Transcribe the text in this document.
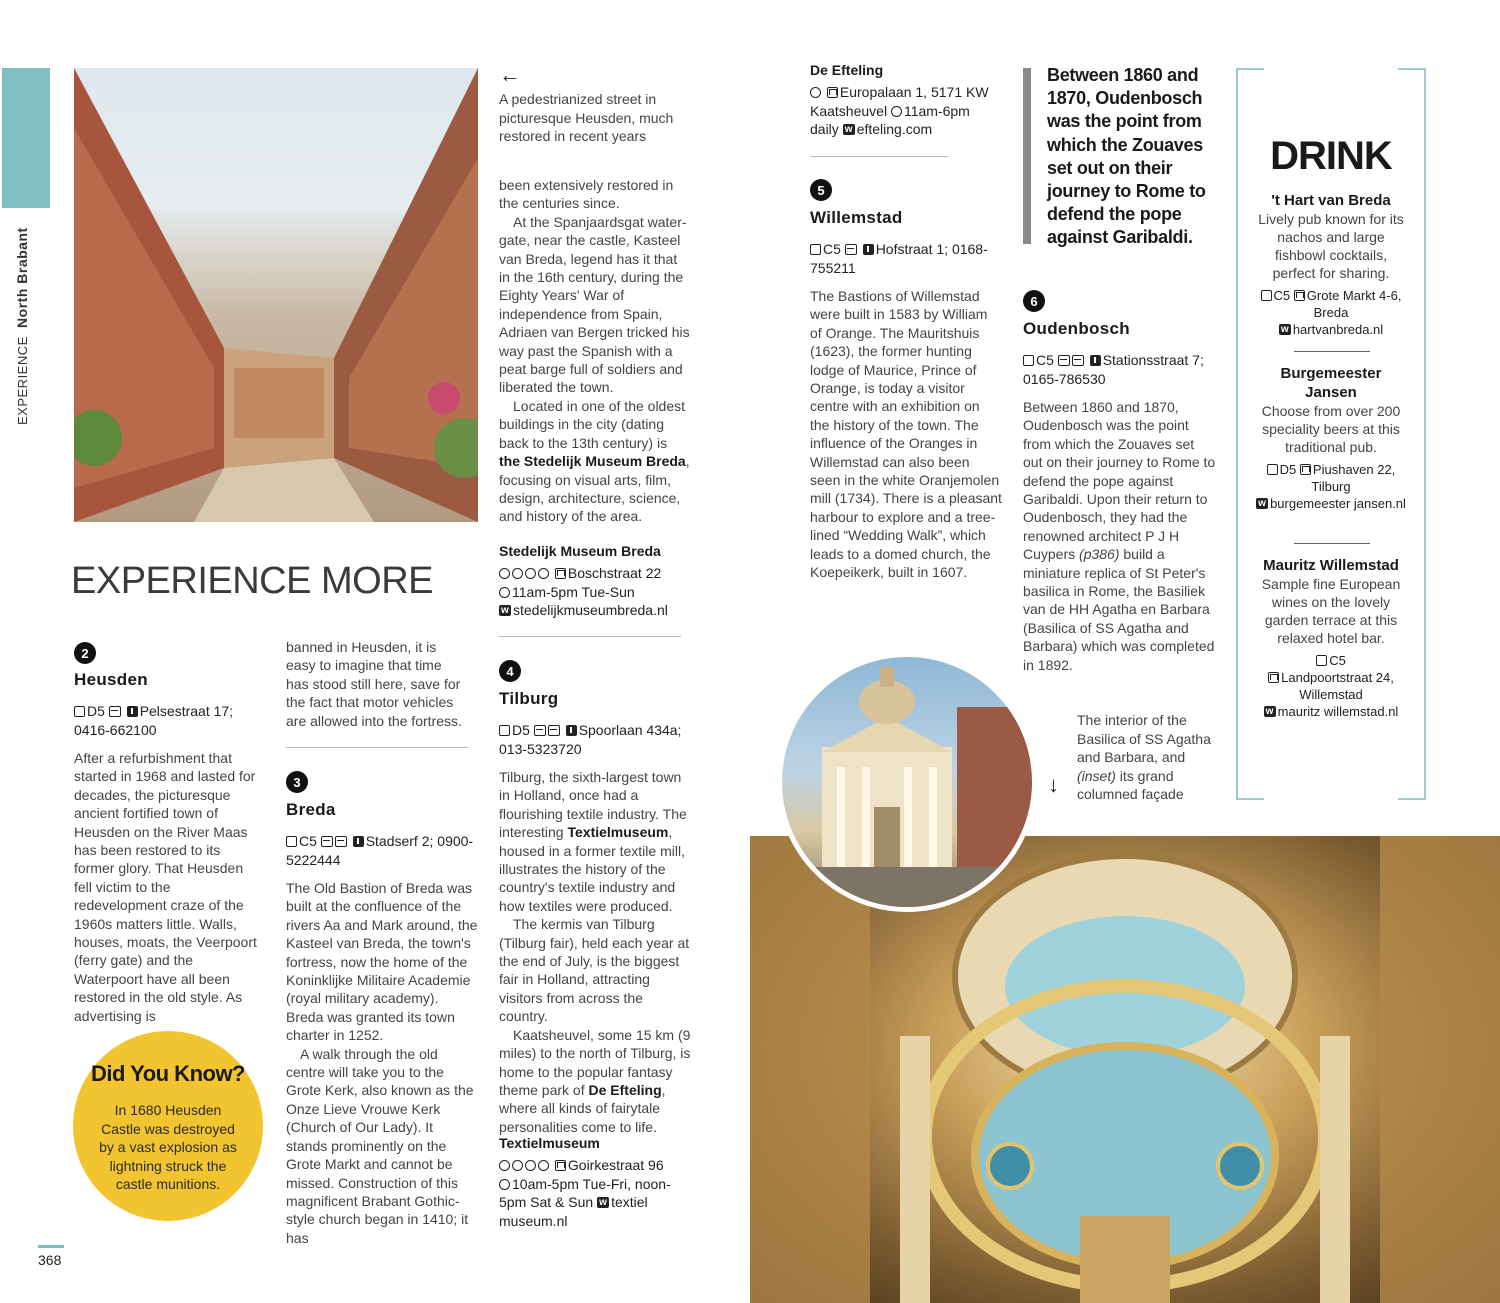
EXPERIENCE  North Brabant
←
A pedestrianized street in picturesque Heusden, much restored in recent years
EXPERIENCE MORE
2
Heusden
D5 Pelsestraat 17; 0416-662100
After a refurbishment that started in 1968 and lasted for decades, the picturesque ancient fortified town of Heusden on the River Maas has been restored to its former glory. That Heusden fell victim to the redevelopment craze of the 1960s matters little. Walls, houses, moats, the Veerpoort (ferry gate) and the Waterpoort have all been restored in the old style. As advertising is
banned in Heusden, it is easy to imagine that time has stood still here, save for the fact that motor vehicles are allowed into the fortress.
Did You Know?
In 1680 Heusden Castle was destroyed by a vast explosion as lightning struck the castle munitions.
3
Breda
C5	Stadserf 2; 0900-5222444

The Old Bastion of Breda was built at the confluence of the rivers Aa and Mark around, the Kasteel van Breda, the town's fortress, now the home of the Koninklijke Militaire Academie (royal military academy). Breda was granted its town charter in 1252.

A walk through the old centre will take you to the Grote Kerk, also known as the Onze Lieve Vrouwe Kerk (Church of Our Lady). It stands prominently on the Grote Markt and cannot be missed. Construction of this magnificent Brabant Gothic-style church began in 1410; it has

been extensively restored in the centuries since.

At the Spanjaardsgat water-gate, near the castle, Kasteel van Breda, legend has it that in the 16th century, during the Eighty Years' War of independence from Spain, Adriaen van Bergen tricked his way past the Spanish with a peat barge full of soldiers and liberated the town.

Located in one of the oldest buildings in the city (dating back to the 13th century) is the Stedelijk Museum Breda, focusing on visual arts, film, design, architecture, science, and history of the area.

Stedelijk Museum Breda
Boschstraat 22
11am-5pm Tue-Sun
wstedelijkmuseumbreda.nl
4
Tilburg
D5	Spoorlaan 434a; 013-5323720

Tilburg, the sixth-largest town in Holland, once had a flourishing textile industry. The interesting Textielmuseum, housed in a former textile mill, illustrates the history of the country's textile industry and how textiles were produced.

The kermis van Tilburg (Tilburg fair), held each year at the end of July, is the biggest fair in Holland, attracting visitors from across the country.

Kaatsheuvel, some 15 km (9 miles) to the north of Tilburg, is home to the popular fantasy theme park of De Efteling, where all kinds of fairytale personalities come to life.

Textielmuseum
Goirkestraat 96
10am-5pm Tue-Fri, noon-5pm Sat & Sun w textiel museum.nl
De Efteling
Europalaan 1, 5171 KW Kaatsheuvel 11am-6pm daily w efteling.com
5
Willemstad
C5 Hofstraat 1; 0168-755211
The Bastions of Willemstad were built in 1583 by William of Orange. The Mauritshuis (1623), the former hunting lodge of Maurice, Prince of Orange, is today a visitor centre with an exhibition on the history of the town. The influence of the Oranges in Willemstad can also been seen in the white Oranjemolen mill (1734). There is a pleasant harbour to explore and a tree-lined “Wedding Walk”, which leads to a domed church, the Koepeikerk, built in 1607.
Between 1860 and 1870, Oudenbosch was the point from which the Zouaves set out on their journey to Rome to defend the pope against Garibaldi.
6
Oudenbosch
C5	Stationsstraat 7; 0165-786530
Between 1860 and 1870, Oudenbosch was the point from which the Zouaves set out on their journey to Rome to defend the pope against Garibaldi. Upon their return to Oudenbosch, they had the renowned architect P J H Cuypers (p386) build a miniature replica of St Peter's basilica in Rome, the Basiliek van de HH Agatha en Barbara (Basilica of SS Agatha and Barbara) which was completed in 1892.
The interior of the Basilica of SS Agatha and Barbara, and (inset) its grand columned façade
↓
DRINK
't Hart van Breda
Lively pub known for its nachos and large fishbowl cocktails, perfect for sharing.
C5 Grote Markt 4-6, Breda
whartvanbreda.nl
Burgemeester Jansen
Choose from over 200 speciality beers at this traditional pub.
D5 Piushaven 22, Tilburg
wburgemeester jansen.nl
Mauritz Willemstad
Sample fine European wines on the lovely garden terrace at this relaxed hotel bar.
C5
Landpoortstraat 24, Willemstad
wmauritz willemstad.nl
368
